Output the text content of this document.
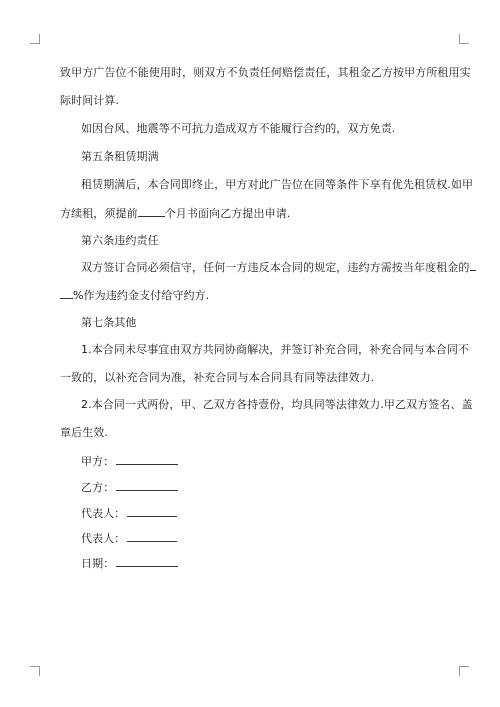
致甲方广告位不能使用时，则双方不负责任何赔偿责任，其租金乙方按甲方所租用实
际时间计算.
如因台风、地震等不可抗力造成双方不能履行合约的，双方免责.
第五条租赁期满
租赁期满后，本合同即终止，甲方对此广告位在同等条件下享有优先租赁权.如甲
方续租，须提前 个月书面向乙方提出申请.
第六条违约责任
双方签订合同必须信守，任何一方违反本合同的规定，违约方需按当年度租金的
%作为违约金支付给守约方.
第七条其他
1.本合同未尽事宜由双方共同协商解决，并签订补充合同，补充合同与本合同不
一致的，以补充合同为准，补充合同与本合同具有同等法律效力.
2.本合同一式两份，甲、乙双方各持壹份，均具同等法律效力.甲乙双方签名、盖
章后生效.
甲方：
乙方：
代表人：
代表人：
日期：
